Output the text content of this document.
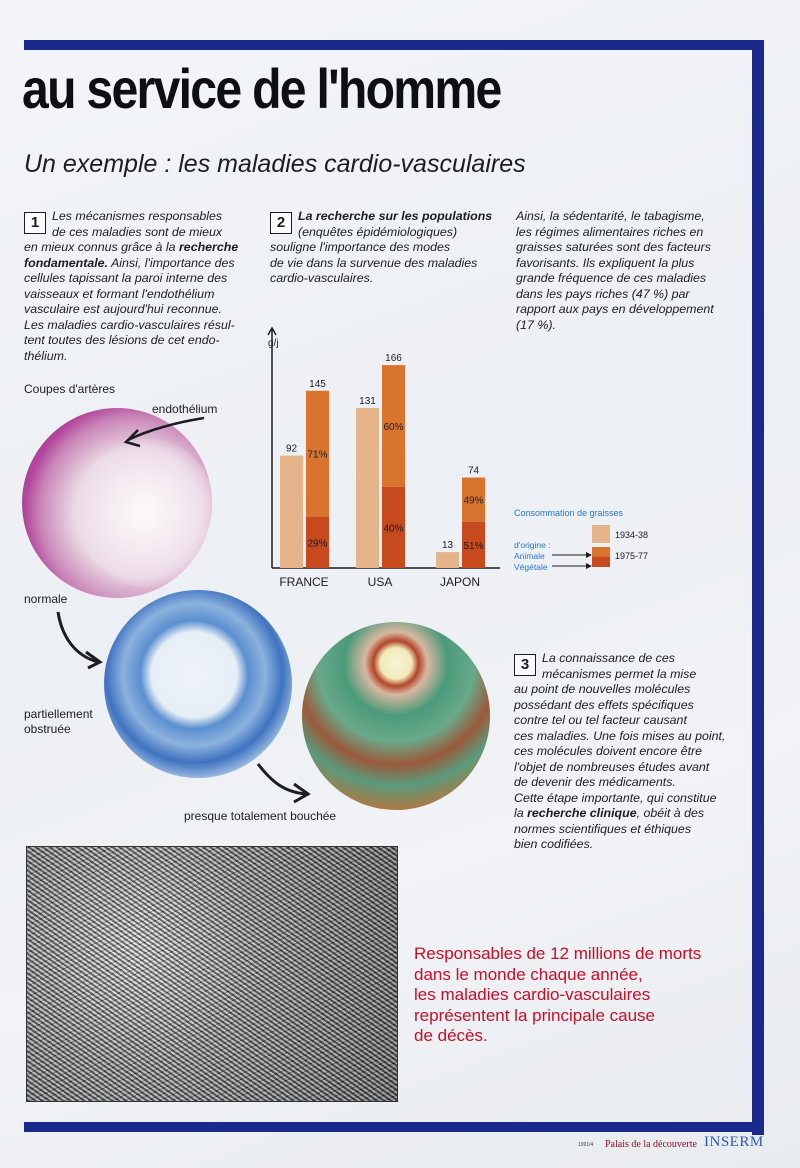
au service de l'homme
Un exemple : les maladies cardio-vasculaires
1	Les mécanismes responsables
de ces maladies sont de mieux
en mieux connus grâce à la recherche
fondamentale. Ainsi, l'importance des
cellules tapissant la paroi interne des
vaisseaux et formant l'endothélium
vasculaire est aujourd'hui reconnue.
Les maladies cardio-vasculaires résul-
tent toutes des lésions de cet endo-
thélium.
2	La recherche sur les populations
(enquêtes épidémiologiques)
souligne l'importance des modes
de vie dans la survenue des maladies
cardio-vasculaires.
Ainsi, la sédentarité, le tabagisme,
les régimes alimentaires riches en
graisses saturées sont des facteurs
favorisants. Ils expliquent la plus
grande fréquence de ces maladies
dans les pays riches (47 %) par
rapport aux pays en développement
(17 %).
g/j
92
145
71%
29%
FRANCE
131
166
60%
40%
USA
13
74
49%
51%
JAPON
Consommation de graisses
d'origine :
Animale
Végétale
1934-38
1975-77
Coupes d'artères
endothélium
normale
partiellement
obstruée
presque totalement bouchée
3	La connaissance de ces
mécanismes permet la mise
au point de nouvelles molécules
possédant des effets spécifiques
contre tel ou tel facteur causant
ces maladies. Une fois mises au point,
ces molécules doivent encore être
l'objet de nombreuses études avant
de devenir des médicaments.
Cette étape importante, qui constitue
la recherche clinique, obéit à des
normes scientifiques et éthiques
bien codifiées.
Responsables de 12 millions de morts
dans le monde chaque année,
les maladies cardio-vasculaires
représentent la principale cause
de décès.
1991/4 Palais de la découverte INSERM
